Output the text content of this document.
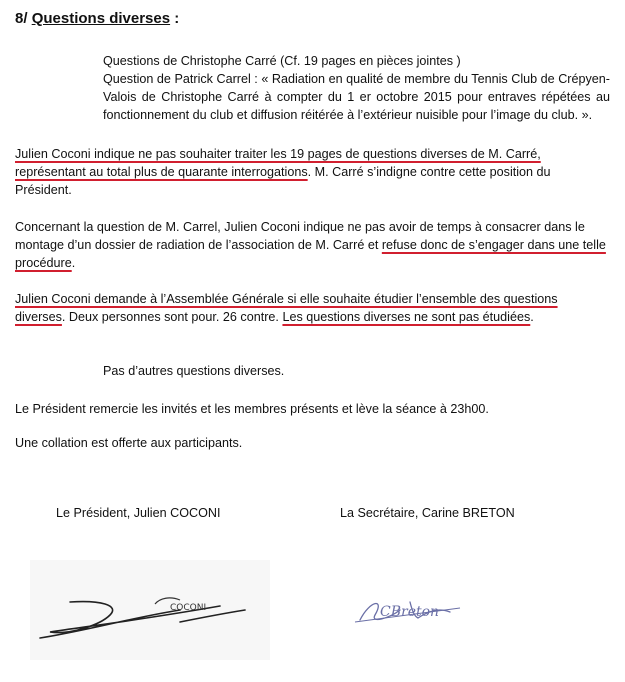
8/ Questions diverses :
Questions de Christophe Carré (Cf. 19 pages en pièces jointes )
Question de Patrick Carrel : « Radiation en qualité de membre du Tennis Club de Crépyen-Valois de Christophe Carré à compter du 1 er octobre 2015 pour entraves répétées au fonctionnement du club et diffusion réitérée à l’extérieur nuisible pour l’image du club. ».
Julien Coconi indique ne pas souhaiter traiter les 19 pages de questions diverses de M. Carré, représentant au total plus de quarante interrogations. M. Carré s’indigne contre cette position du Président.
Concernant la question de M. Carrel, Julien Coconi indique ne pas avoir de temps à consacrer dans le montage d’un dossier de radiation de l’association de M. Carré et refuse donc de s’engager dans une telle procédure.
Julien Coconi demande à l’Assemblée Générale si elle souhaite étudier l’ensemble des questions diverses. Deux personnes sont pour. 26 contre. Les questions diverses ne sont pas étudiées.
Pas d’autres questions diverses.
Le Président remercie les invités et les membres présents et lève la séance à 23h00.
Une collation est offerte aux participants.
Le Président, Julien COCONI	La Secrétaire, Carine BRETON
COCONI	CBreton
